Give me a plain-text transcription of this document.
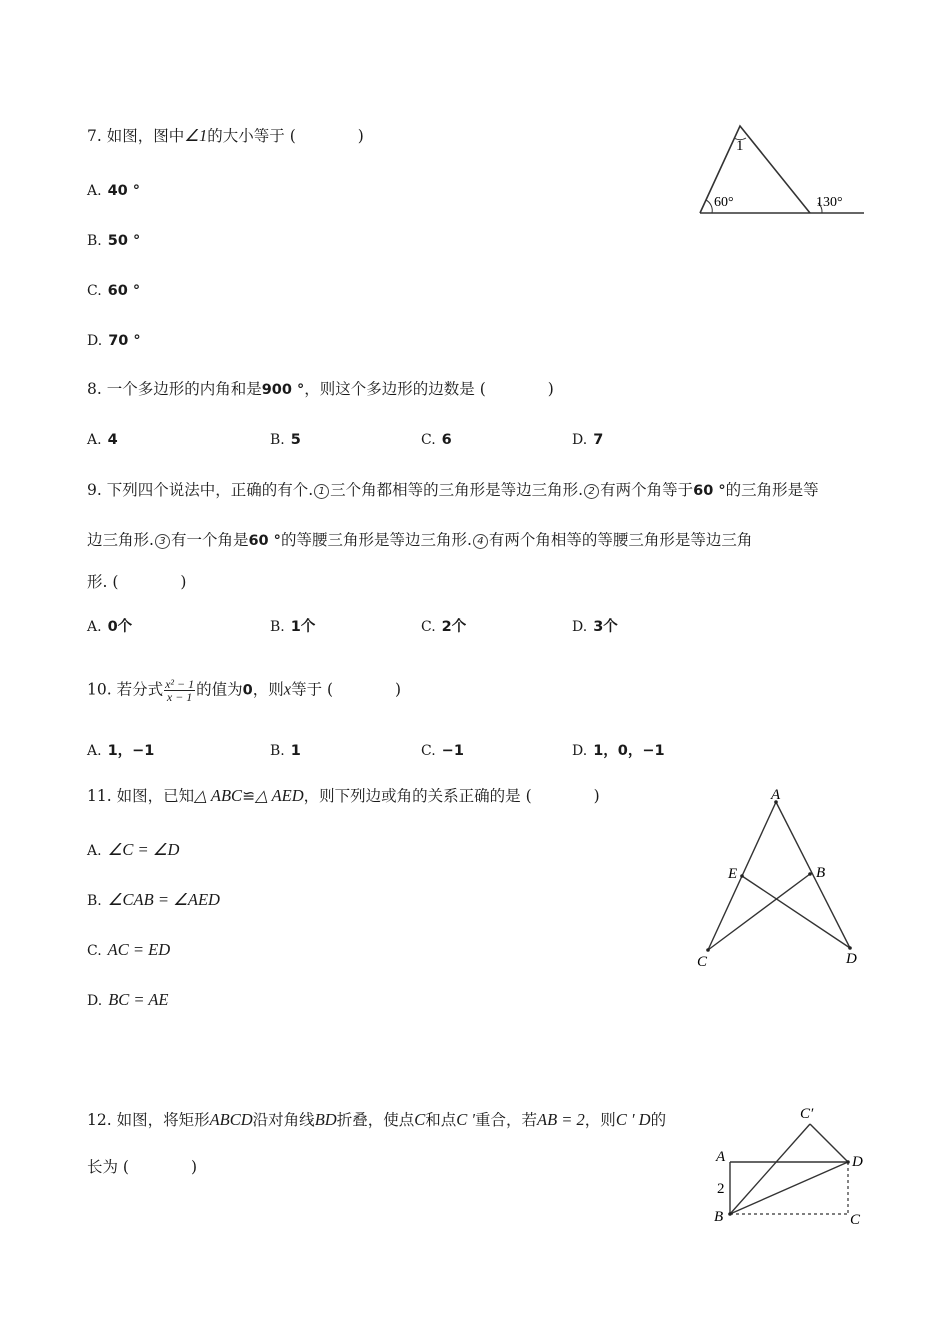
7. 如图，图中∠1的大小等于 (	)
A. 40 °
B. 50 °
C. 60 °
D. 70 °
1
60°	130°
8. 一个多边形的内角和是900 °，则这个多边形的边数是 (	)
A. 4	B. 5	C. 6	D. 7
9. 下列四个说法中，正确的有个. 1 三个角都相等的三角形是等边三角形. 2 有两个角等于60 °的三角形是等
边三角形. 3 有一个角是60 °的等腰三角形是等边三角形. 4 有两个角相等的等腰三角形是等边三角
形. (	)
A. 0个	B. 1个	C. 2个	D. 3个
10. 若分式 $\frac{\text{x² − 1}}{x - 1}$ 的值为0，则x等于 (	)
A. 1，−1	B. 1	C. −1	D. 1，0，−1
11. 如图，已知△ ABC≌△ AED，则下列边或角的关系正确的是 (	)
A. ∠C = ∠D
B. ∠CAB = ∠AED
C. AC = ED
D. BC = AE
A
E	B
C	D
12. 如图，将矩形ABCD沿对角线BD折叠，使点C和点C ′重合，若AB = 2，则C ′ D的
长为 (	)
C′
A
2
B
D
C
